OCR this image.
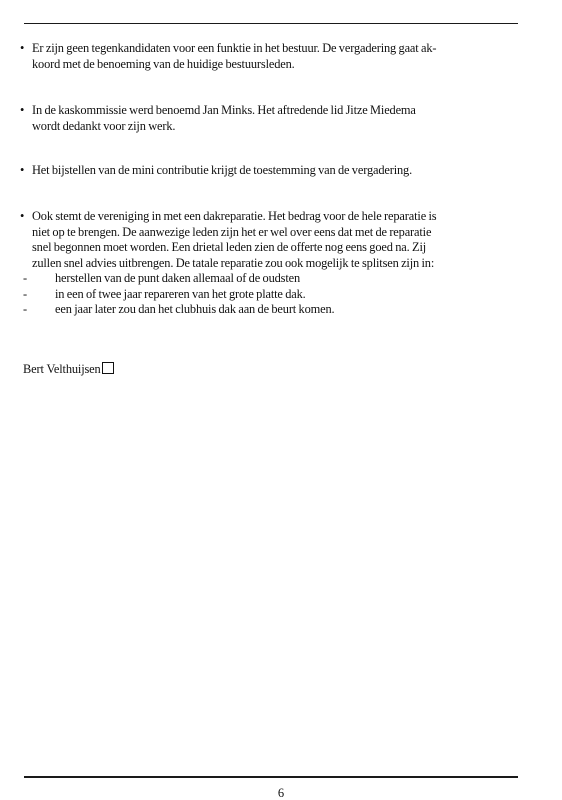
• Er zijn geen tegenkandidaten voor een funktie in het bestuur. De vergadering gaat ak-
koord met de benoeming van de huidige bestuursleden.
• In de kaskommissie werd benoemd Jan Minks. Het aftredende lid Jitze Miedema
wordt dedankt voor zijn werk.
• Het bijstellen van de mini contributie krijgt de toestemming van de vergadering.
• Ook stemt de vereniging in met een dakreparatie. Het bedrag voor de hele reparatie is
niet op te brengen. De aanwezige leden zijn het er wel over eens dat met de reparatie
snel begonnen moet worden. Een drietal leden zien de offerte nog eens goed na. Zij
zullen snel advies uitbrengen. De tatale reparatie zou ook mogelijk te splitsen zijn in:
- herstellen van de punt daken allemaal of de oudsten
- in een of twee jaar repareren van het grote platte dak.
- een jaar later zou dan het clubhuis dak aan de beurt komen.
Bert Velthuijsen
6
